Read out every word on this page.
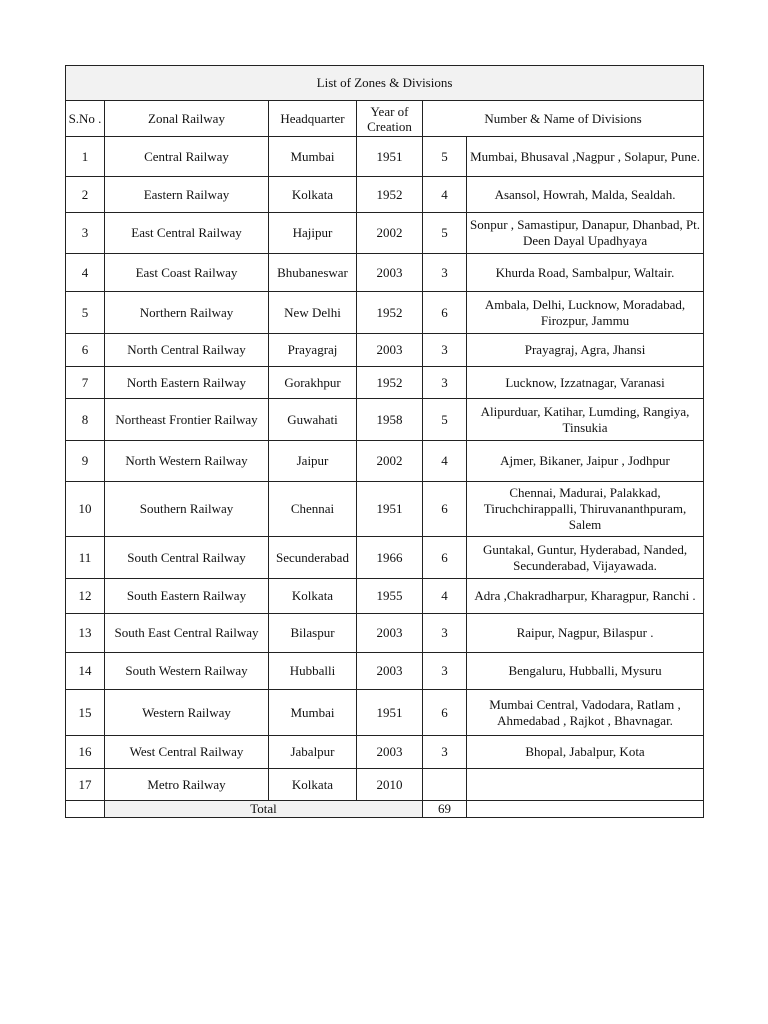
List of Zones & Divisions					
S.No .	Zonal Railway	Headquarter	Year of Creation	Number & Name of Divisions	
1	Central Railway	Mumbai	1951	5	Mumbai, Bhusaval ,Nagpur , Solapur, Pune.
2	Eastern Railway	Kolkata	1952	4	Asansol, Howrah, Malda, Sealdah.
3	East Central Railway	Hajipur	2002	5	Sonpur , Samastipur, Danapur, Dhanbad, Pt. Deen Dayal Upadhyaya
4	East Coast Railway	Bhubaneswar	2003	3	Khurda Road, Sambalpur, Waltair.
5	Northern Railway	New Delhi	1952	6	Ambala, Delhi, Lucknow, Moradabad, Firozpur, Jammu
6	North Central Railway	Prayagraj	2003	3	Prayagraj, Agra, Jhansi
7	North Eastern Railway	Gorakhpur	1952	3	Lucknow, Izzatnagar, Varanasi
8	Northeast Frontier Railway	Guwahati	1958	5	Alipurduar, Katihar, Lumding, Rangiya, Tinsukia
9	North Western Railway	Jaipur	2002	4	Ajmer, Bikaner, Jaipur , Jodhpur
10	Southern Railway	Chennai	1951	6	Chennai, Madurai, Palakkad, Tiruchchirappalli, Thiruvananthpuram, Salem
11	South Central Railway	Secunderabad	1966	6	Guntakal, Guntur, Hyderabad, Nanded, Secunderabad, Vijayawada.
12	South Eastern Railway	Kolkata	1955	4	Adra ,Chakradharpur, Kharagpur, Ranchi .
13	South East Central Railway	Bilaspur	2003	3	Raipur, Nagpur, Bilaspur .
14	South Western Railway	Hubballi	2003	3	Bengaluru, Hubballi, Mysuru
15	Western Railway	Mumbai	1951	6	Mumbai Central, Vadodara, Ratlam , Ahmedabad , Rajkot , Bhavnagar.
16	West Central Railway	Jabalpur	2003	3	Bhopal, Jabalpur, Kota
17	Metro Railway	Kolkata	2010		
	Total			69	
